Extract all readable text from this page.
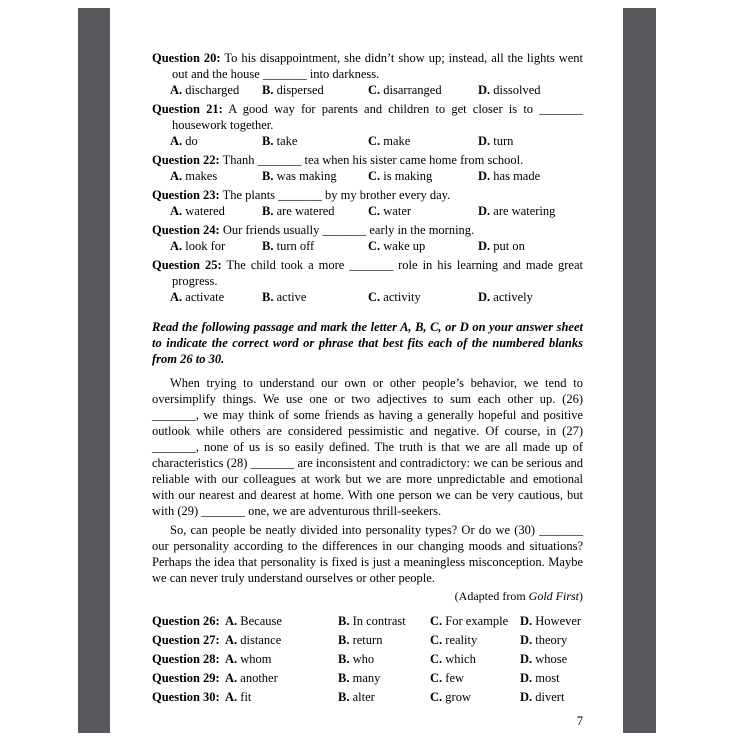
Question 20: To his disappointment, she didn’t show up; instead, all the lights went out and the house _______ into darkness.
A. discharged	B. dispersed	C. disarranged	D. dissolved
Question 21: A good way for parents and children to get closer is to _______ housework together.
A. do	B. take	C. make	D. turn
Question 22: Thanh _______ tea when his sister came home from school.
A. makes	B. was making	C. is making	D. has made
Question 23: The plants _______ by my brother every day.
A. watered	B. are watered	C. water	D. are watering
Question 24: Our friends usually _______ early in the morning.
A. look for	B. turn off	C. wake up	D. put on
Question 25: The child took a more _______ role in his learning and made great progress.
A. activate	B. active	C. activity	D. actively
Read the following passage and mark the letter A, B, C, or D on your answer sheet to indicate the correct word or phrase that best fits each of the numbered blanks from 26 to 30.

When trying to understand our own or other people’s behavior, we tend to oversimplify things. We use one or two adjectives to sum each other up. (26) _______, we may think of some friends as having a generally hopeful and positive outlook while others are considered pessimistic and negative. Of course, in (27) _______, none of us is so easily defined. The truth is that we are all made up of characteristics (28) _______ are inconsistent and contradictory: we can be serious and reliable with our colleagues at work but we are more unpredictable and emotional with our nearest and dearest at home. With one person we can be very cautious, but with (29) _______ one, we are adventurous thrill-seekers.

So, can people be neatly divided into personality types? Or do we (30) _______ our personality according to the differences in our changing moods and situations? Perhaps the idea that personality is fixed is just a meaningless misconception. Maybe we can never truly understand ourselves or other people.

(Adapted from Gold First)
Question 26: A. Because	B. In contrast	C. For example D. However
Question 27: A. distance	B. return	C. reality	D. theory
Question 28: A. whom	B. who	C. which	D. whose
Question 29: A. another	B. many	C. few	D. most
Question 30: A. fit	B. alter	C. grow	D. divert
7
